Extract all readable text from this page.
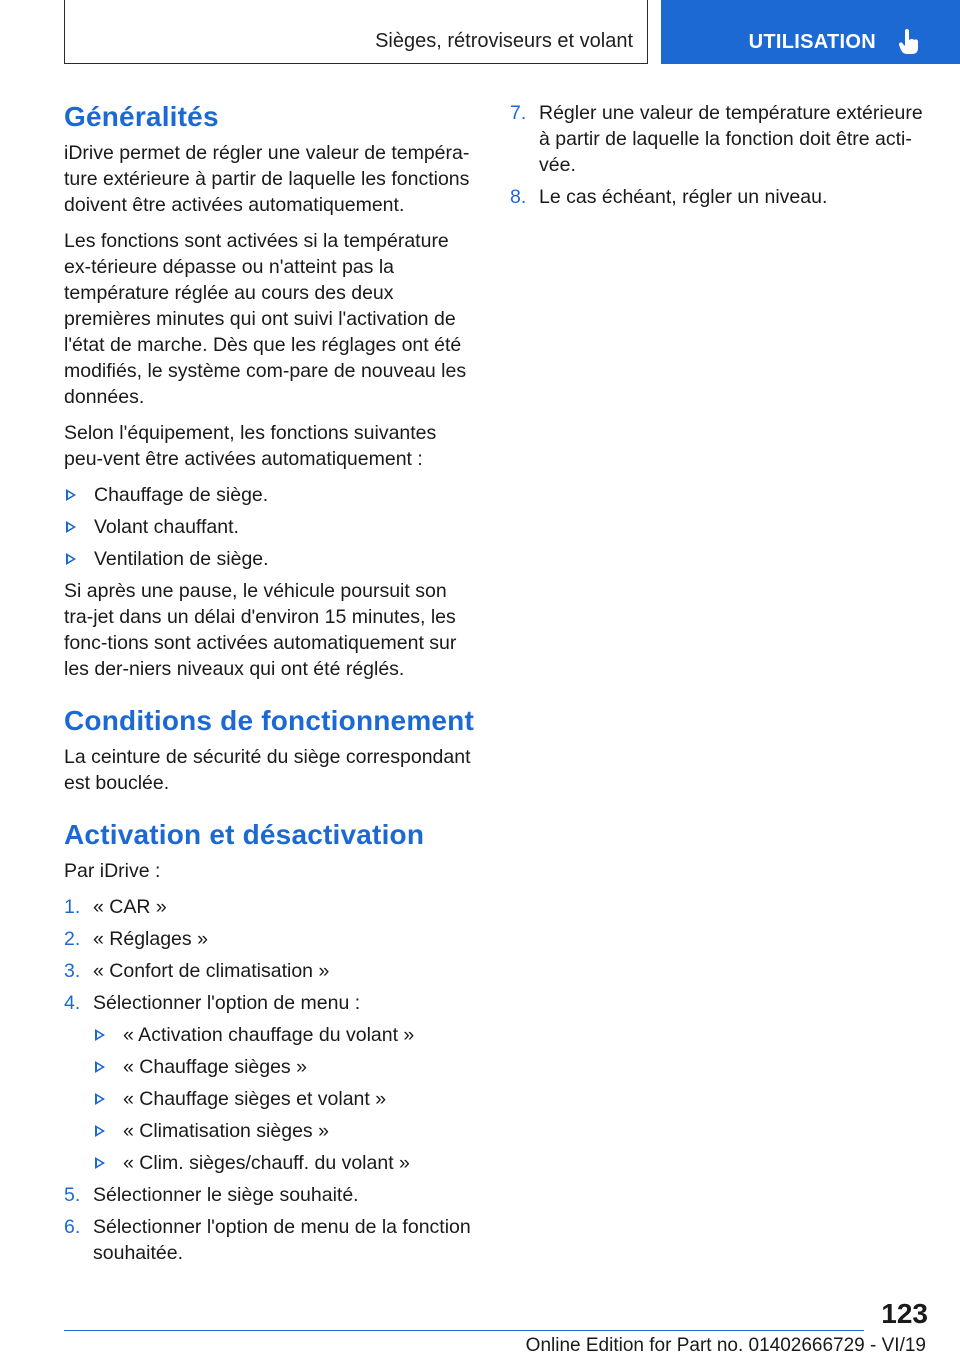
Sièges, rétroviseurs et volant	UTILISATION
Généralités

iDrive permet de régler une valeur de tempéra-ture extérieure à partir de laquelle les fonctions doivent être activées automatiquement.

Les fonctions sont activées si la température ex-térieure dépasse ou n'atteint pas la température réglée au cours des deux premières minutes qui ont suivi l'activation de l'état de marche. Dès que les réglages ont été modifiés, le système com-pare de nouveau les données.

Selon l'équipement, les fonctions suivantes peu-vent être activées automatiquement :

Chauffage de siège.
Volant chauffant.
Ventilation de siège.

Si après une pause, le véhicule poursuit son tra-jet dans un délai d'environ 15 minutes, les fonc-tions sont activées automatiquement sur les der-niers niveaux qui ont été réglés.

Conditions de fonctionnement

La ceinture de sécurité du siège correspondant est bouclée.

Activation et désactivation

Par iDrive :

1. « CAR »
2. « Réglages »
3. « Confort de climatisation »
4. Sélectionner l'option de menu :
« Activation chauffage du volant »
« Chauffage sièges »
« Chauffage sièges et volant »
« Climatisation sièges »
« Clim. sièges/chauff. du volant »
5. Sélectionner le siège souhaité.
6. Sélectionner l'option de menu de la fonction souhaitée.
7. Régler une valeur de température extérieure à partir de laquelle la fonction doit être acti-vée.
8. Le cas échéant, régler un niveau.
123
Online Edition for Part no. 01402666729 - VI/19
